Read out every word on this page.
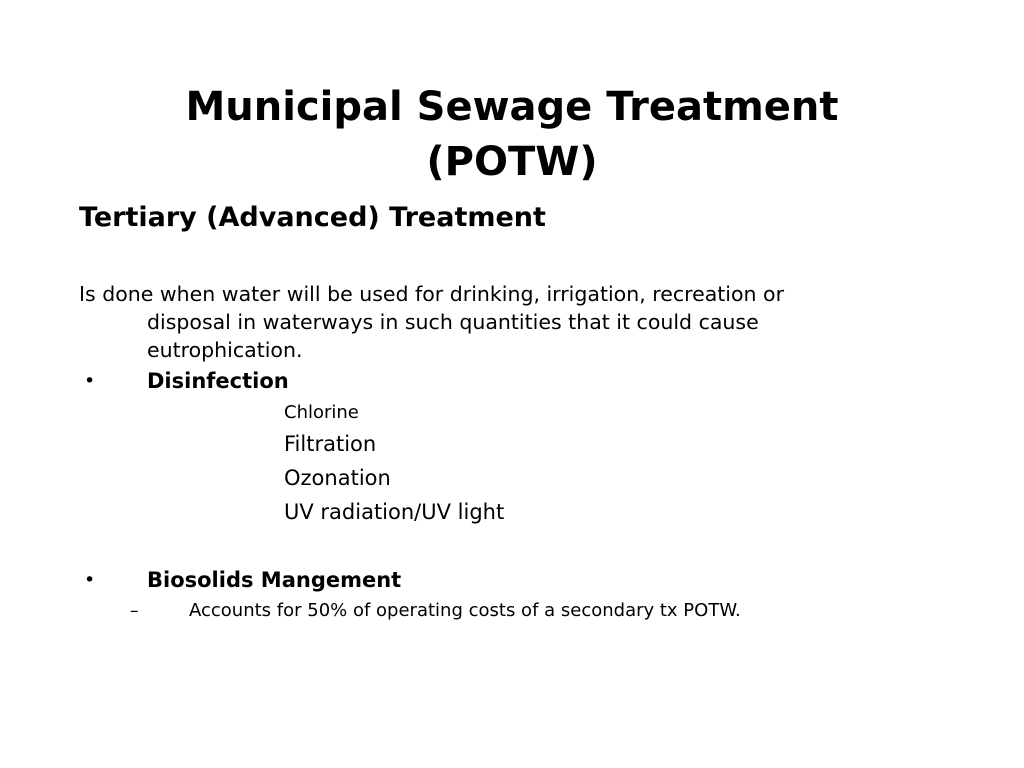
Municipal Sewage Treatment
(POTW)
Tertiary (Advanced) Treatment
Is done when water will be used for drinking, irrigation, recreation or
disposal in waterways in such quantities that it could cause
eutrophication.
• Disinfection
Chlorine
Filtration
Ozonation
UV radiation/UV light
• Biosolids Mangement
–	Accounts for 50% of operating costs of a secondary tx POTW.
